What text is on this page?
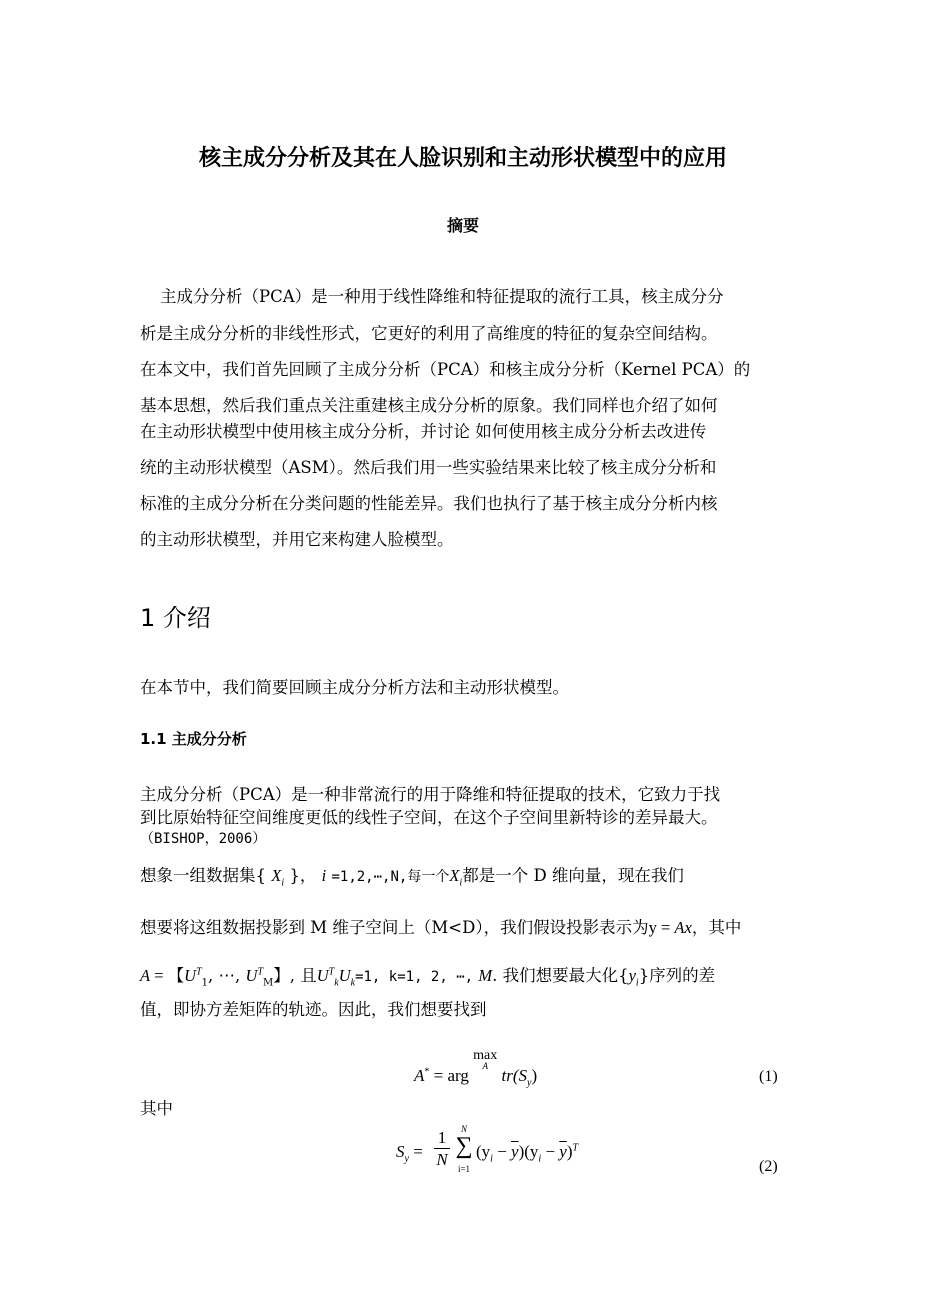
核主成分分析及其在人脸识别和主动形状模型中的应用
摘要
主成分分析（PCA）是一种用于线性降维和特征提取的流行工具，核主成分分
析是主成分分析的非线性形式，它更好的利用了高维度的特征的复杂空间结构。
在本文中，我们首先回顾了主成分分析（PCA）和核主成分分析（Kernel PCA）的
基本思想，然后我们重点关注重建核主成分分析的原象。我们同样也介绍了如何
在主动形状模型中使用核主成分分析，并讨论 如何使用核主成分分析去改进传
统的主动形状模型（ASM）。然后我们用一些实验结果来比较了核主成分分析和
标准的主成分分析在分类问题的性能差异。我们也执行了基于核主成分分析内核
的主动形状模型，并用它来构建人脸模型。
1 介绍
在本节中，我们简要回顾主成分分析方法和主动形状模型。
1.1 主成分分析
主成分分析（PCA）是一种非常流行的用于降维和特征提取的技术，它致力于找
到比原始特征空间维度更低的线性子空间，在这个子空间里新特诊的差异最大。
（BISHOP，2006）
想象一组数据集{ $X_i$ }， i =1,2,⋯,N,每一个$X_i$都是一个 D 维向量，现在我们
想要将这组数据投影到 M 维子空间上（M<D），我们假设投影表示为y = Ax，其中
A = 【$U^T_1$, ⋯, $U^T_M$】, 且$U^T_kU_k=1$, k=1, 2, ⋯, M. 我们想要最大化$\{y_i\}$序列的差
值，即协方差矩阵的轨迹。因此，我们想要找到
A* = arg max
$^A$ $tr(S_y)$	(1)
其中
$S_y = \frac{1}{N}$	N
∑
i=1
$(y_i - \overline{y})(y_i - \overline{y})^T$
(2)
